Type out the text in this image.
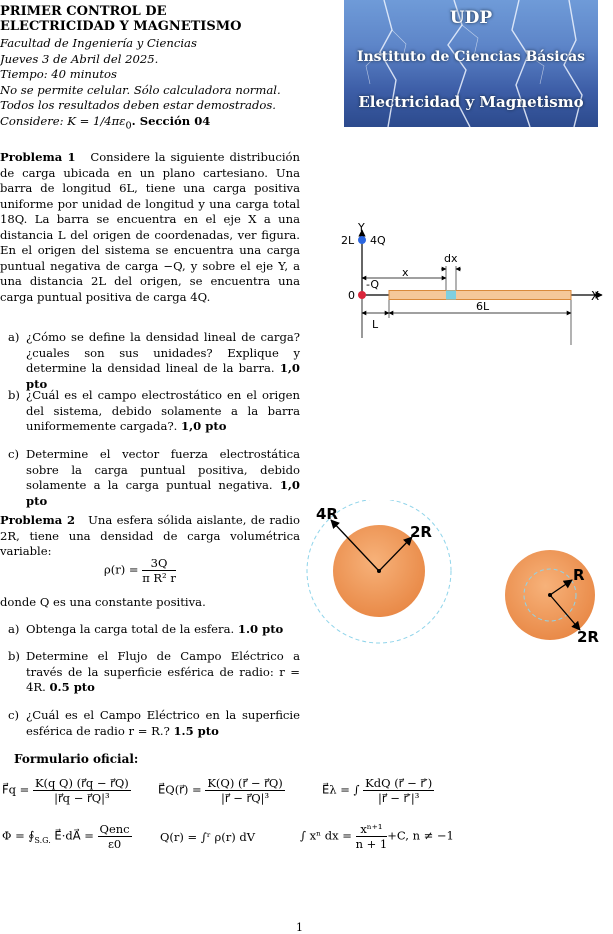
PRIMER CONTROL DE
ELECTRICIDAD Y MAGNETISMO
Facultad de Ingeniería y Ciencias
Jueves 3 de Abril del 2025.
Tiempo: 40 minutos
No se permite celular. Sólo calculadora normal.
Todos los resultados deben estar demostrados.
Considere: $K = 1/4\pi\varepsilon_0$. Sección 04
UDP
Instituto de Ciencias Básicas
Electricidad y Magnetismo
Problema 1 Considere la siguiente distribución de carga ubicada en un plano cartesiano. Una barra de longitud 6L, tiene una carga positiva uniforme por unidad de longitud y una carga total 18Q. La barra se encuentra en el eje X a una distancia L del origen de coordenadas, ver figura. En el origen del sistema se encuentra una carga puntual negativa de carga −Q, y sobre el eje Y, a una distancia 2L del origen, se encuentra una carga puntual positiva de carga 4Q.
a) ¿Cómo se define la densidad lineal de carga? ¿cuales son sus unidades? Explique y determine la densidad lineal de la barra. 1,0 pto
b) ¿Cuál es el campo electrostático en el origen del sistema, debido solamente a la barra uniformemente cargada?. 1,0 pto
c) Determine el vector fuerza electrostática sobre la carga puntual positiva, debido solamente a la carga puntual negativa. 1,0 pto
Y
X
2L 4Q
0
-Q
dx
x
L
6L
Problema 2 Una esfera sólida aislante, de radio 2R, tiene una densidad de carga volumétrica variable:
$\rho(r) = \frac{3Q}{\text{π R² r}}$
donde Q es una constante positiva.
a) Obtenga la carga total de la esfera. 1.0 pto
b) Determine el Flujo de Campo Eléctrico a través de la superficie esférica de radio: r = 4R. 0.5 pto
c) ¿Cuál es el Campo Eléctrico en la superficie esférica de radio r = R.? 1.5 pto
4R
2R
R
2R
Formulario oficial:
F⃗q = $\frac{\text{K(q Q) (r⃗q − r⃗Q)}}{\text{|r⃗q − r⃗Q|³}}$ E⃗Q(r⃗) = $\frac{K(Q) (r⃗ - r⃗Q)}{\text{|r⃗ − r⃗Q|³}}$	E⃗λ = ∫ $\frac{\text{KdQ (r⃗ − r⃗′)}}{\text{|r⃗ − r⃗′|³}}$
$\Phi = ∮_{S.G.}$ E⃗·dA⃗ = $\frac{\text{Qenc}}{\varepsilon 0} Q(r)$ = ∫ʳ ρ(r) dV	∫ xⁿ dx = $\frac{\text{xⁿ⁺¹}}{n + 1} +C$, n ≠ −1
1
